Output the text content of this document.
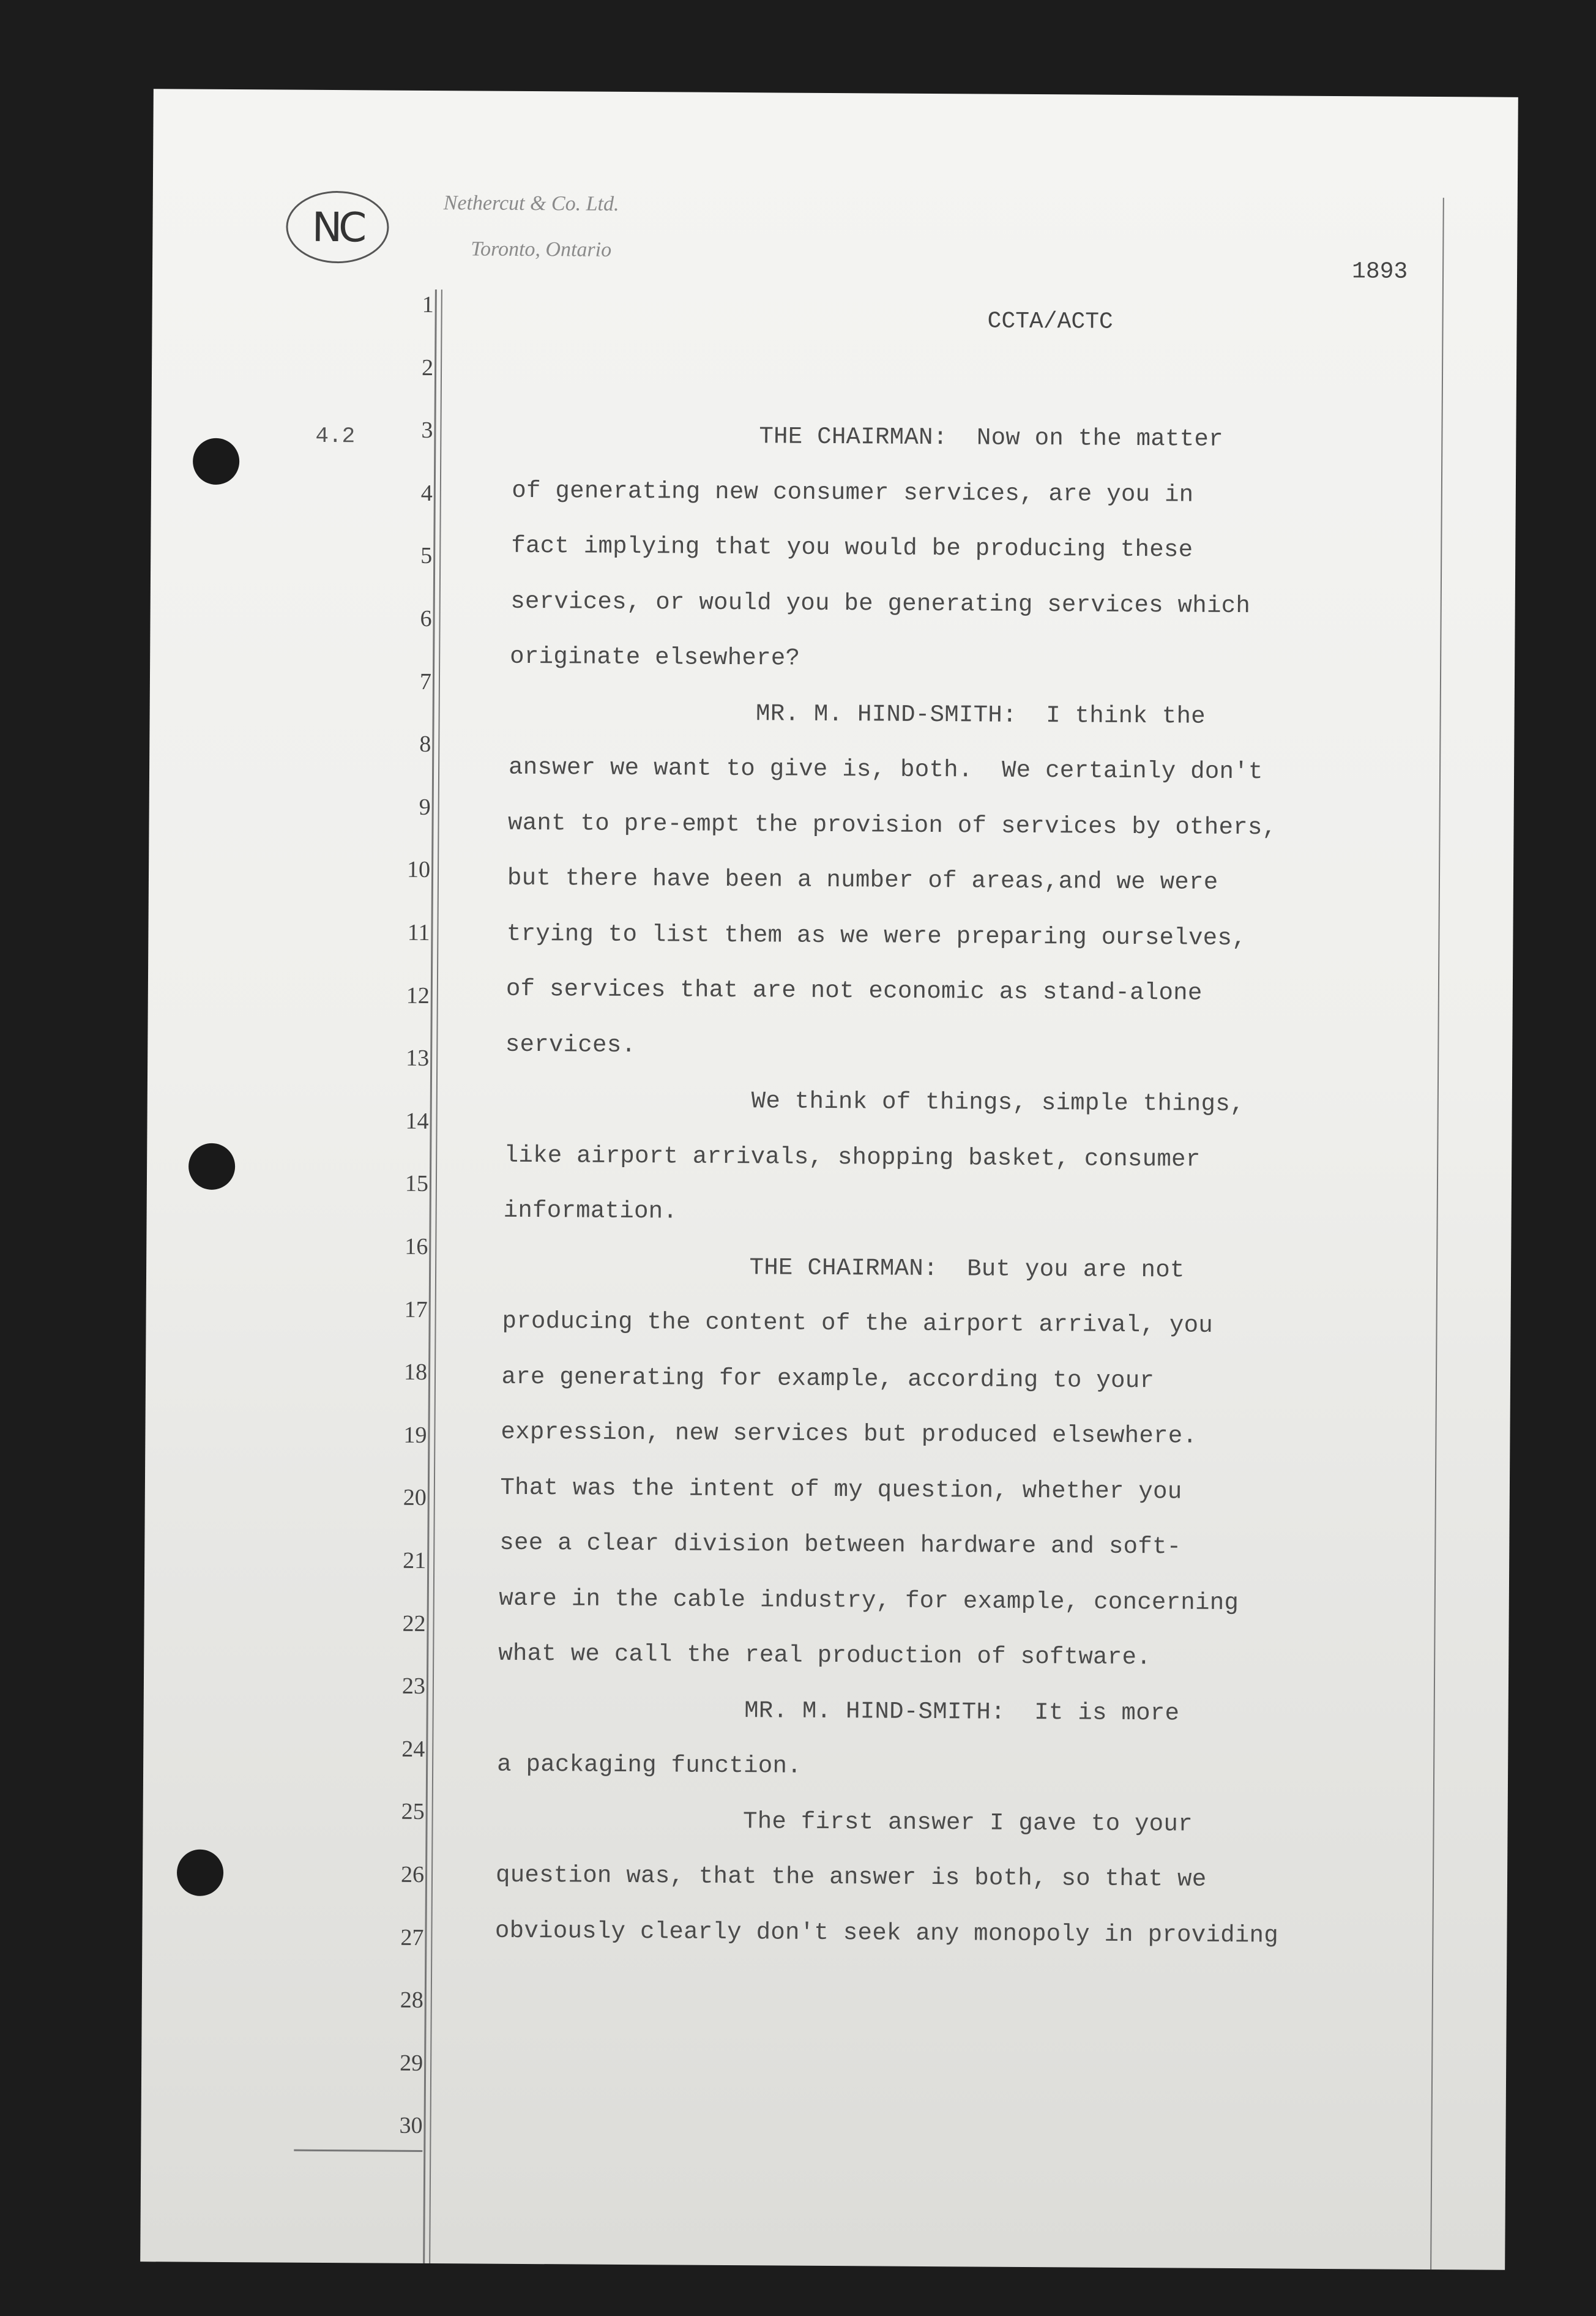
NC	Nethercut & Co. Ltd.
Toronto, Ontario
1893
CCTA/ACTC
4.2
1
2
3
4
5
6
7
8
9
10
11
12
13
14
15
16
17
18
19
20
21
22
23
24
25
26
27
28
29
30
THE CHAIRMAN:  Now on the matter
of generating new consumer services, are you in
fact implying that you would be producing these
services, or would you be generating services which
originate elsewhere?
MR. M. HIND-SMITH:  I think the
answer we want to give is, both.  We certainly don't
want to pre-empt the provision of services by others,
but there have been a number of areas,and we were
trying to list them as we were preparing ourselves,
of services that are not economic as stand-alone
services.
We think of things, simple things,
like airport arrivals, shopping basket, consumer
information.
THE CHAIRMAN:  But you are not
producing the content of the airport arrival, you
are generating for example, according to your
expression, new services but produced elsewhere.
That was the intent of my question, whether you
see a clear division between hardware and soft-
ware in the cable industry, for example, concerning
what we call the real production of software.
MR. M. HIND-SMITH:  It is more
a packaging function.
The first answer I gave to your
question was, that the answer is both, so that we
obviously clearly don't seek any monopoly in providing
